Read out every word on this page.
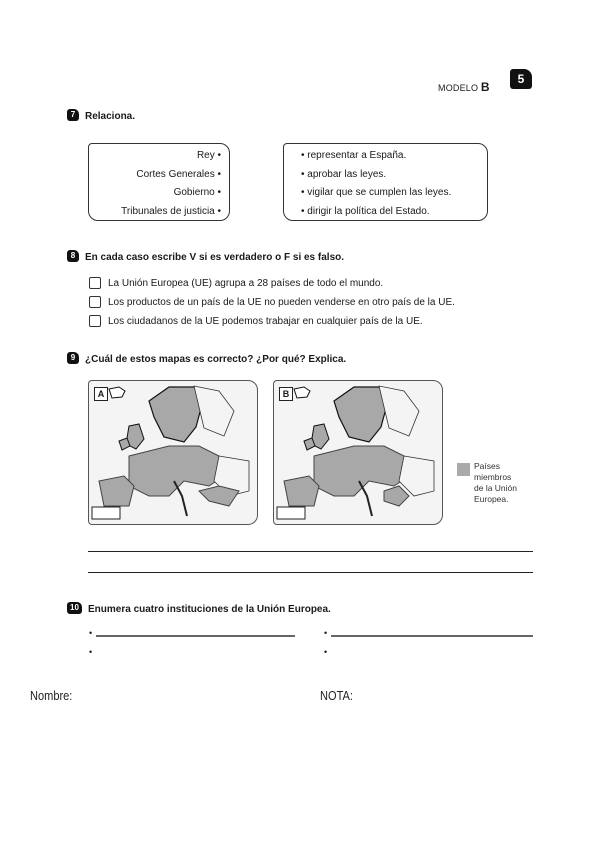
MODELO B
5
7 Relaciona.
Rey •
Cortes Generales •
Gobierno •
Tribunales de justicia •
• representar a España.
• aprobar las leyes.
• vigilar que se cumplen las leyes.
• dirigir la política del Estado.
8 En cada caso escribe V si es verdadero o F si es falso.
La Unión Europea (UE) agrupa a 28 países de todo el mundo.
Los productos de un país de la UE no pueden venderse en otro país de la UE.
Los ciudadanos de la UE podemos trabajar en cualquier país de la UE.
9 ¿Cuál de estos mapas es correcto? ¿Por qué? Explica.
A	B
Países
miembros
de la Unión
Europea.
10 Enumera cuatro instituciones de la Unión Europea.
•	•
•	•
Nombre:	NOTA:
